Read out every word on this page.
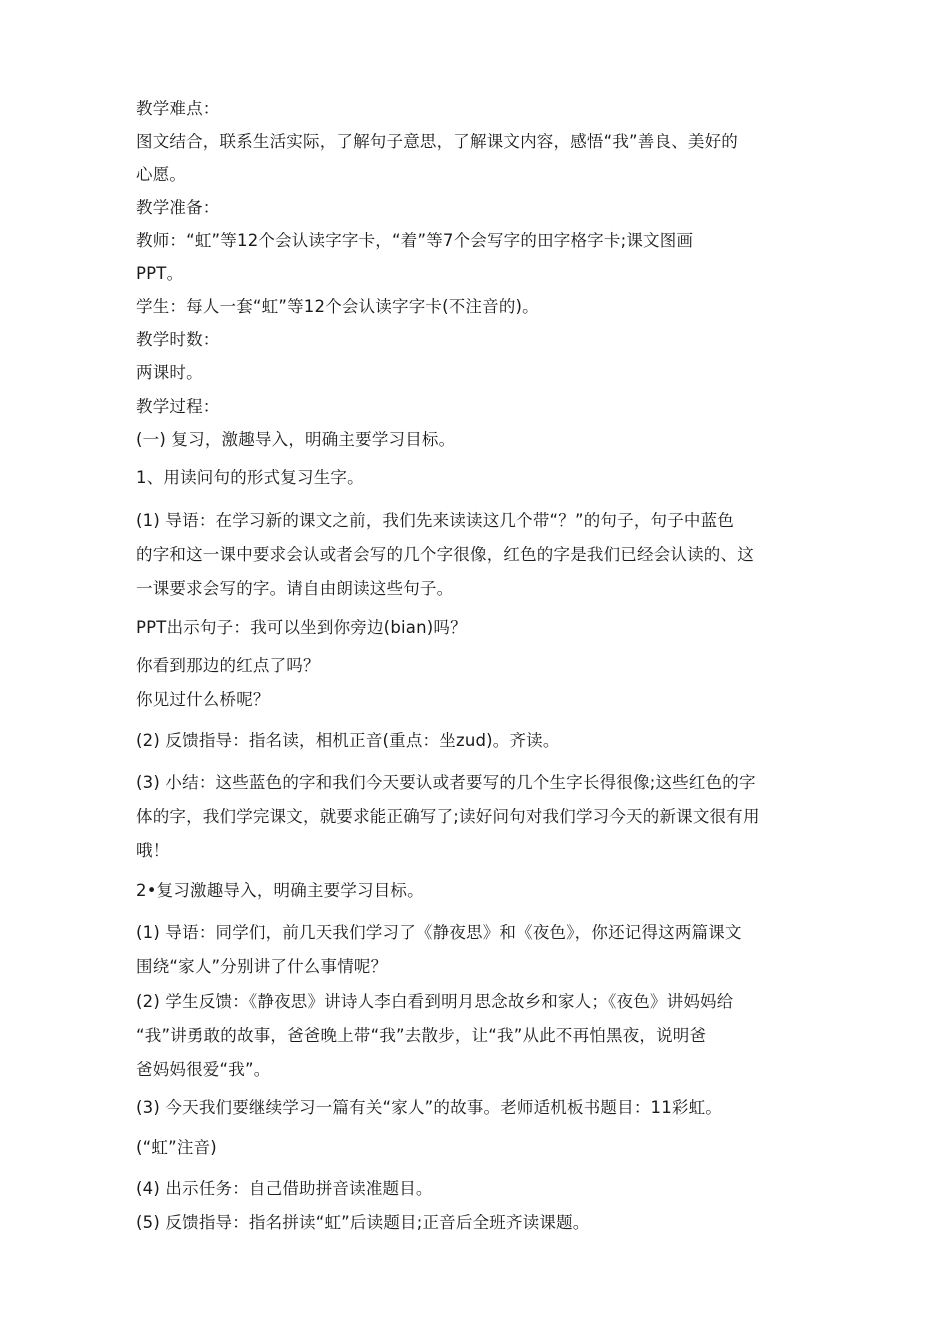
教学难点：
图文结合，联系生活实际，了解句子意思，了解课文内容，感悟“我”善良、美好的
心愿。
教学准备：
教师：“虹”等12个会认读字字卡，“着”等7个会写字的田字格字卡;课文图画
PPT。
学生：每人一套“虹”等12个会认读字字卡(不注音的)。
教学时数：
两课时。
教学过程：
(一) 复习，激趣导入，明确主要学习目标。
1、用读问句的形式复习生字。
(1) 导语：在学习新的课文之前，我们先来读读这几个带“？”的句子，句子中蓝色
的字和这一课中要求会认或者会写的几个字很像，红色的字是我们已经会认读的、这
一课要求会写的字。请自由朗读这些句子。
PPT出示句子：我可以坐到你旁边(bian)吗？
你看到那边的红点了吗？
你见过什么桥呢？
(2) 反馈指导：指名读，相机正音(重点：坐zud)。齐读。
(3) 小结：这些蓝色的字和我们今天要认或者要写的几个生字长得很像;这些红色的字
体的字，我们学完课文，就要求能正确写了;读好问句对我们学习今天的新课文很有用
哦！
2•复习激趣导入，明确主要学习目标。
(1) 导语：同学们，前几天我们学习了《静夜思》和《夜色》，你还记得这两篇课文
围绕“家人”分别讲了什么事情呢？
(2) 学生反馈：《静夜思》讲诗人李白看到明月思念故乡和家人；《夜色》讲妈妈给
“我”讲勇敢的故事，爸爸晚上带“我”去散步，让“我”从此不再怕黑夜，说明爸
爸妈妈很爱“我”。
(3) 今天我们要继续学习一篇有关“家人”的故事。老师适机板书题目：11彩虹。
(“虹”注音)
(4) 出示任务：自己借助拼音读准题目。
(5) 反馈指导：指名拼读“虹”后读题目;正音后全班齐读课题。
